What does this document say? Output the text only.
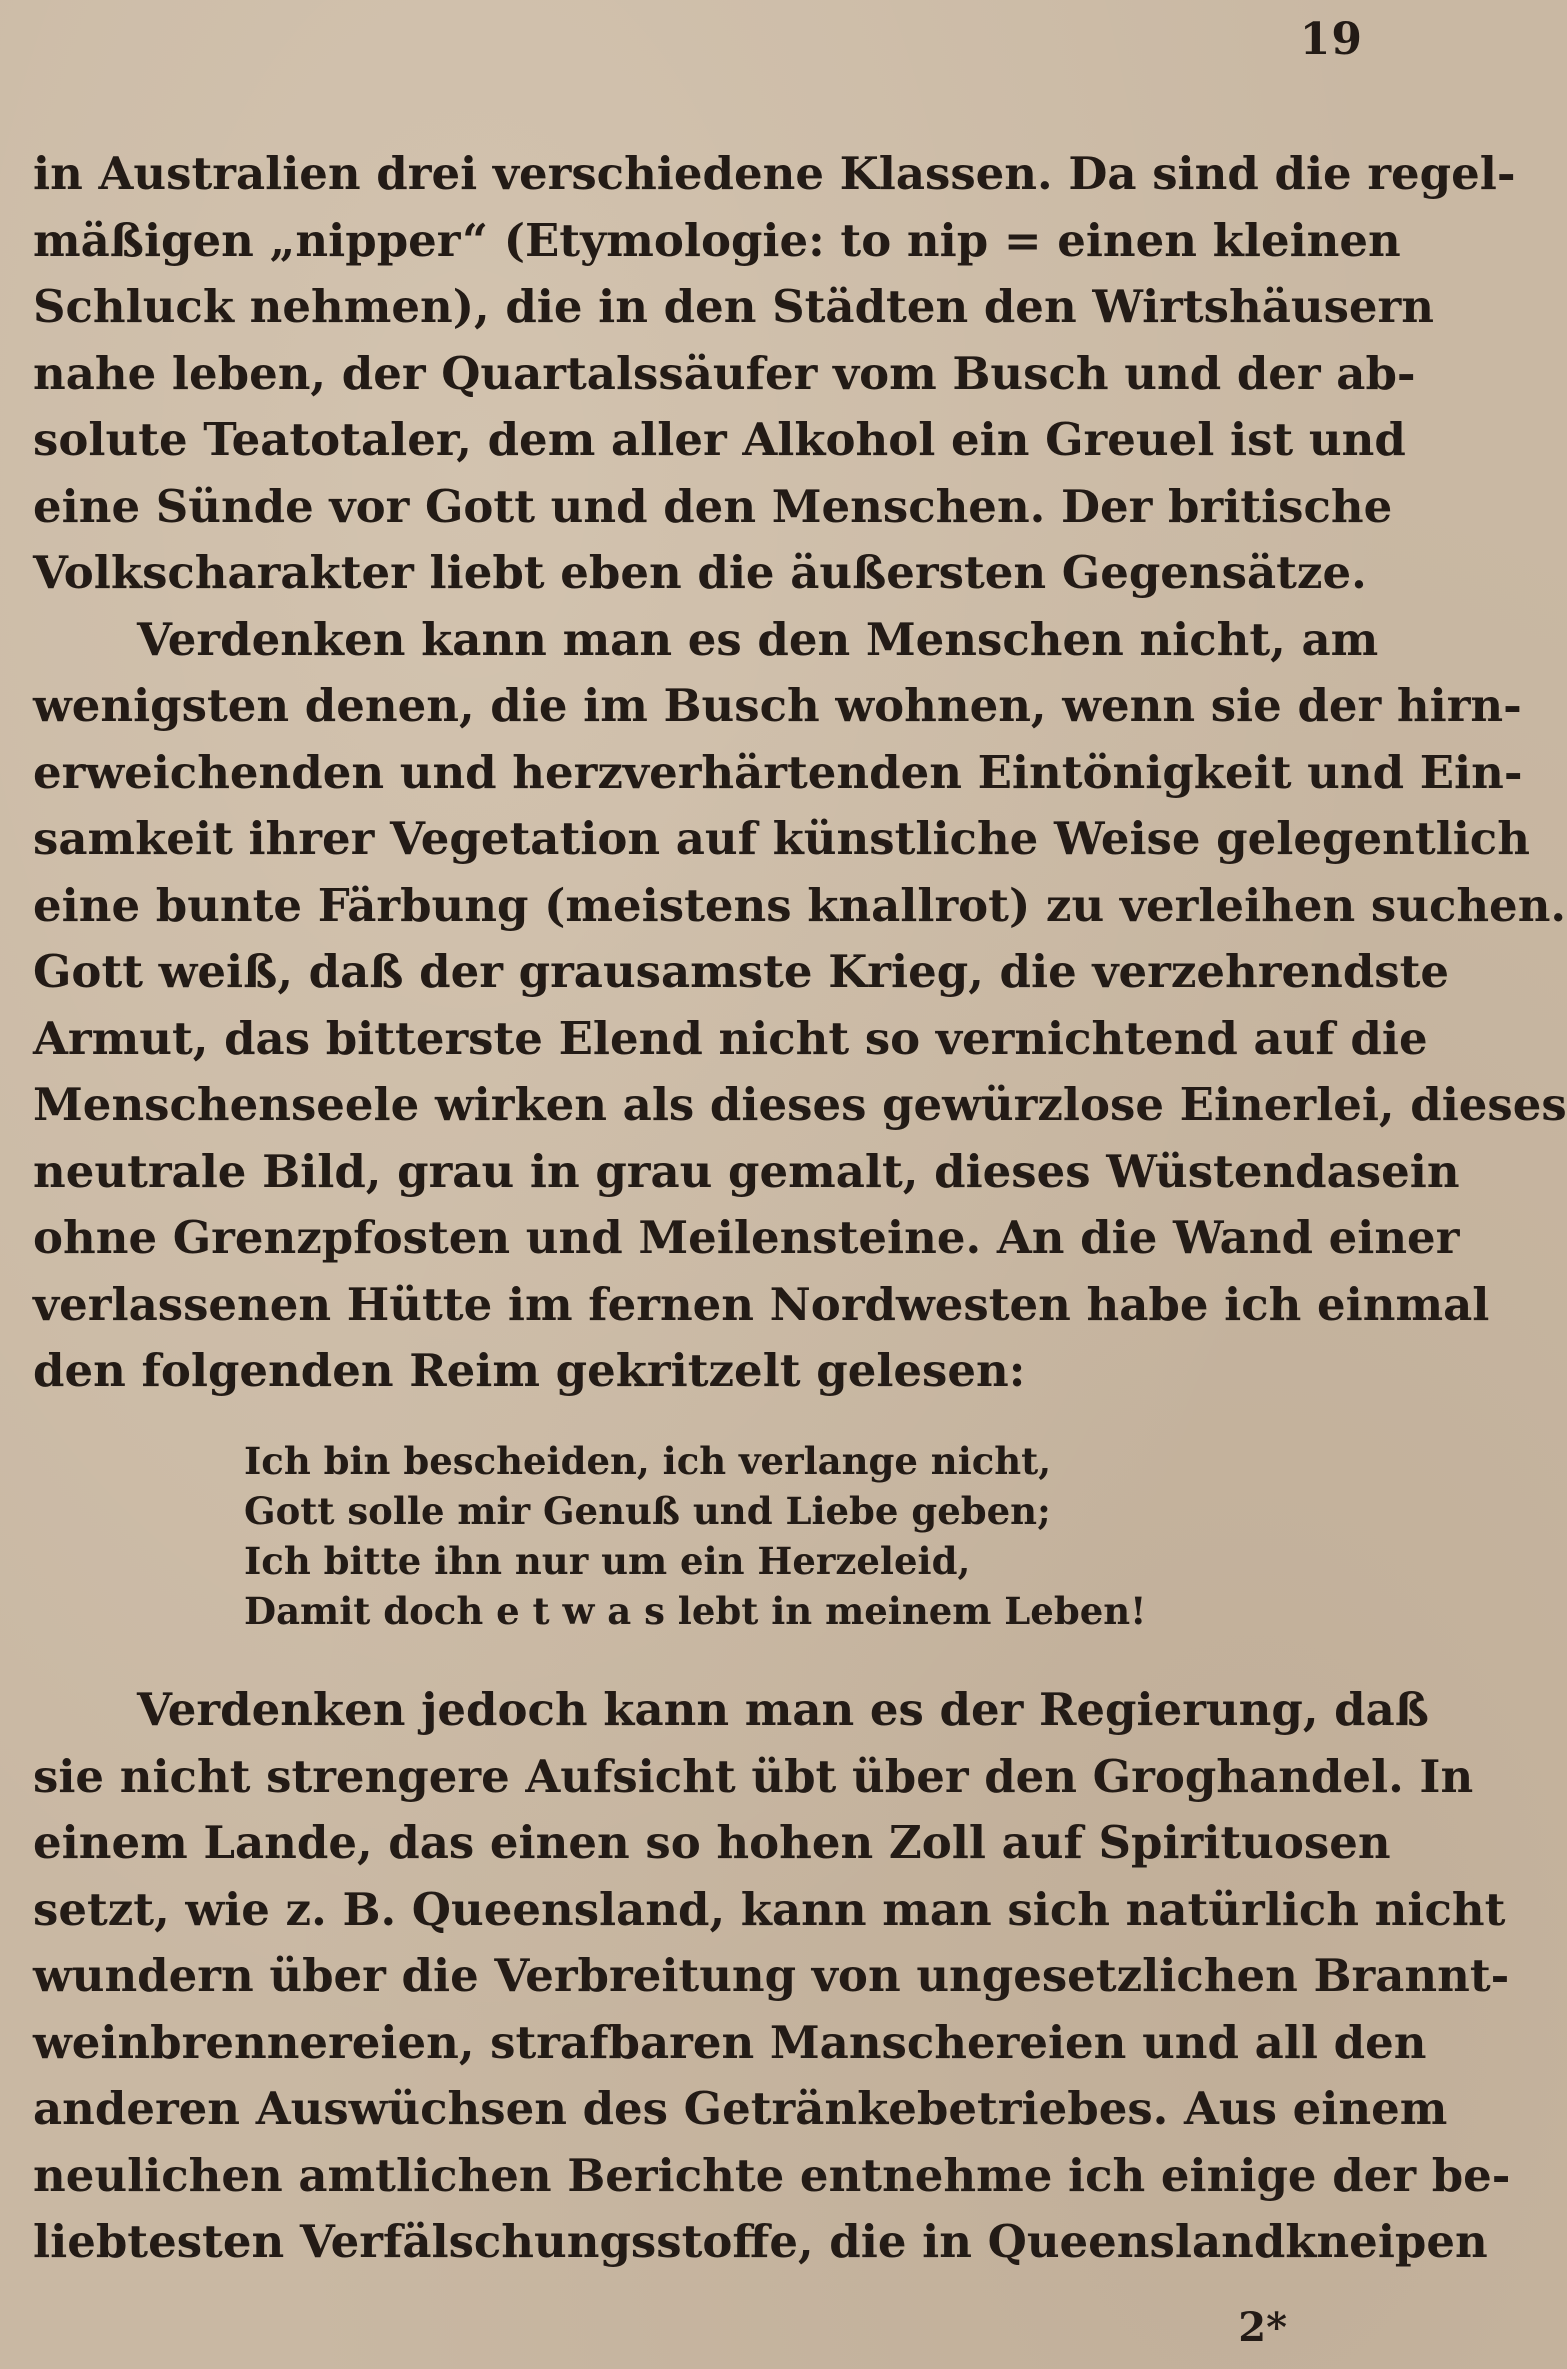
19
in Australien drei verschiedene Klassen. Da sind die regel-
mäßigen „nipper“ (Etymologie: to nip = einen kleinen
Schluck nehmen), die in den Städten den Wirtshäusern
nahe leben, der Quartalssäufer vom Busch und der ab-
solute Teatotaler, dem aller Alkohol ein Greuel ist und
eine Sünde vor Gott und den Menschen. Der britische
Volkscharakter liebt eben die äußersten Gegensätze.
Verdenken kann man es den Menschen nicht, am
wenigsten denen, die im Busch wohnen, wenn sie der hirn-
erweichenden und herzverhärtenden Eintönigkeit und Ein-
samkeit ihrer Vegetation auf künstliche Weise gelegentlich
eine bunte Färbung (meistens knallrot) zu verleihen suchen.
Gott weiß, daß der grausamste Krieg, die verzehrendste
Armut, das bitterste Elend nicht so vernichtend auf die
Menschenseele wirken als dieses gewürzlose Einerlei, dieses
neutrale Bild, grau in grau gemalt, dieses Wüstendasein
ohne Grenzpfosten und Meilensteine. An die Wand einer
verlassenen Hütte im fernen Nordwesten habe ich einmal
den folgenden Reim gekritzelt gelesen:
Ich bin bescheiden, ich verlange nicht,
Gott solle mir Genuß und Liebe geben;
Ich bitte ihn nur um ein Herzeleid,
Damit doch e t w a s lebt in meinem Leben!
Verdenken jedoch kann man es der Regierung, daß
sie nicht strengere Aufsicht übt über den Groghandel. In
einem Lande, das einen so hohen Zoll auf Spirituosen
setzt, wie z. B. Queensland, kann man sich natürlich nicht
wundern über die Verbreitung von ungesetzlichen Brannt-
weinbrennereien, strafbaren Manschereien und all den
anderen Auswüchsen des Getränkebetriebes. Aus einem
neulichen amtlichen Berichte entnehme ich einige der be-
liebtesten Verfälschungsstoffe, die in Queenslandkneipen
2*
